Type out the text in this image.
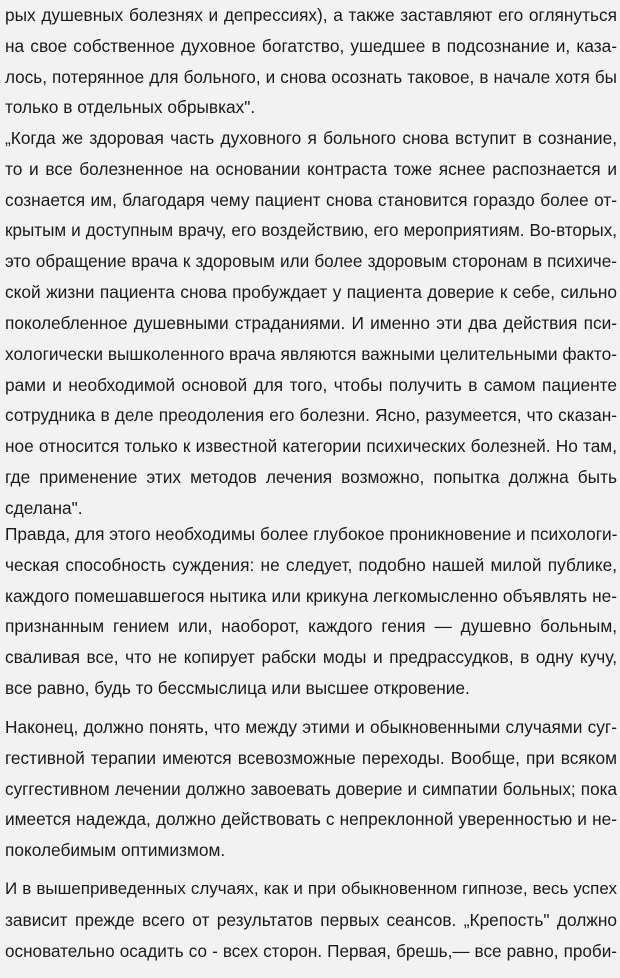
рых душевных болезнях и депрессиях), а также заставляют его оглянуться
на свое собственное духовное богатство, ушедшее в подсознание и, каза-
лось, потерянное для больного, и снова осознать таковое, в начале хотя бы
только в отдельных обрывках".
„Когда же здоровая часть духовного я больного снова вступит в сознание,
то и все болезненное на основании контраста тоже яснее распознается и
сознается им, благодаря чему пациент снова становится гораздо более от-
крытым и доступным врачу, его воздействию, его мероприятиям. Во-вторых,
это обращение врача к здоровым или более здоровым сторонам в психиче-
ской жизни пациента снова пробуждает у пациента доверие к себе, сильно
поколебленное душевными страданиями. И именно эти два действия пси-
хологически вышколенного врача являются важными целительными факто-
рами и необходимой основой для того, чтобы получить в самом пациенте
сотрудника в деле преодоления его болезни. Ясно, разумеется, что сказан-
ное относится только к известной категории психических болезней. Но там,
где применение этих методов лечения возможно, попытка должна быть
сделана".
Правда, для этого необходимы более глубокое проникновение и психологи-
ческая способность суждения: не следует, подобно нашей милой публике,
каждого помешавшегося нытика или крикуна легкомысленно объявлять не-
признанным гением или, наоборот, каждого гения — душевно больным,
сваливая все, что не копирует рабски моды и предрассудков, в одну кучу,
все равно, будь то бессмыслица или высшее откровение.
Наконец, должно понять, что между этими и обыкновенными случаями суг-
гестивной терапии имеются всевозможные переходы. Вообще, при всяком
суггестивном лечении должно завоевать доверие и симпатии больных; пока
имеется надежда, должно действовать с непреклонной уверенностью и не-
поколебимым оптимизмом.
И в вышеприведенных случаях, как и при обыкновенном гипнозе, весь успех
зависит прежде всего от результатов первых сеансов. „Крепость" должно
основательно осадить со - всех сторон. Первая, брешь,— все равно, проби-
